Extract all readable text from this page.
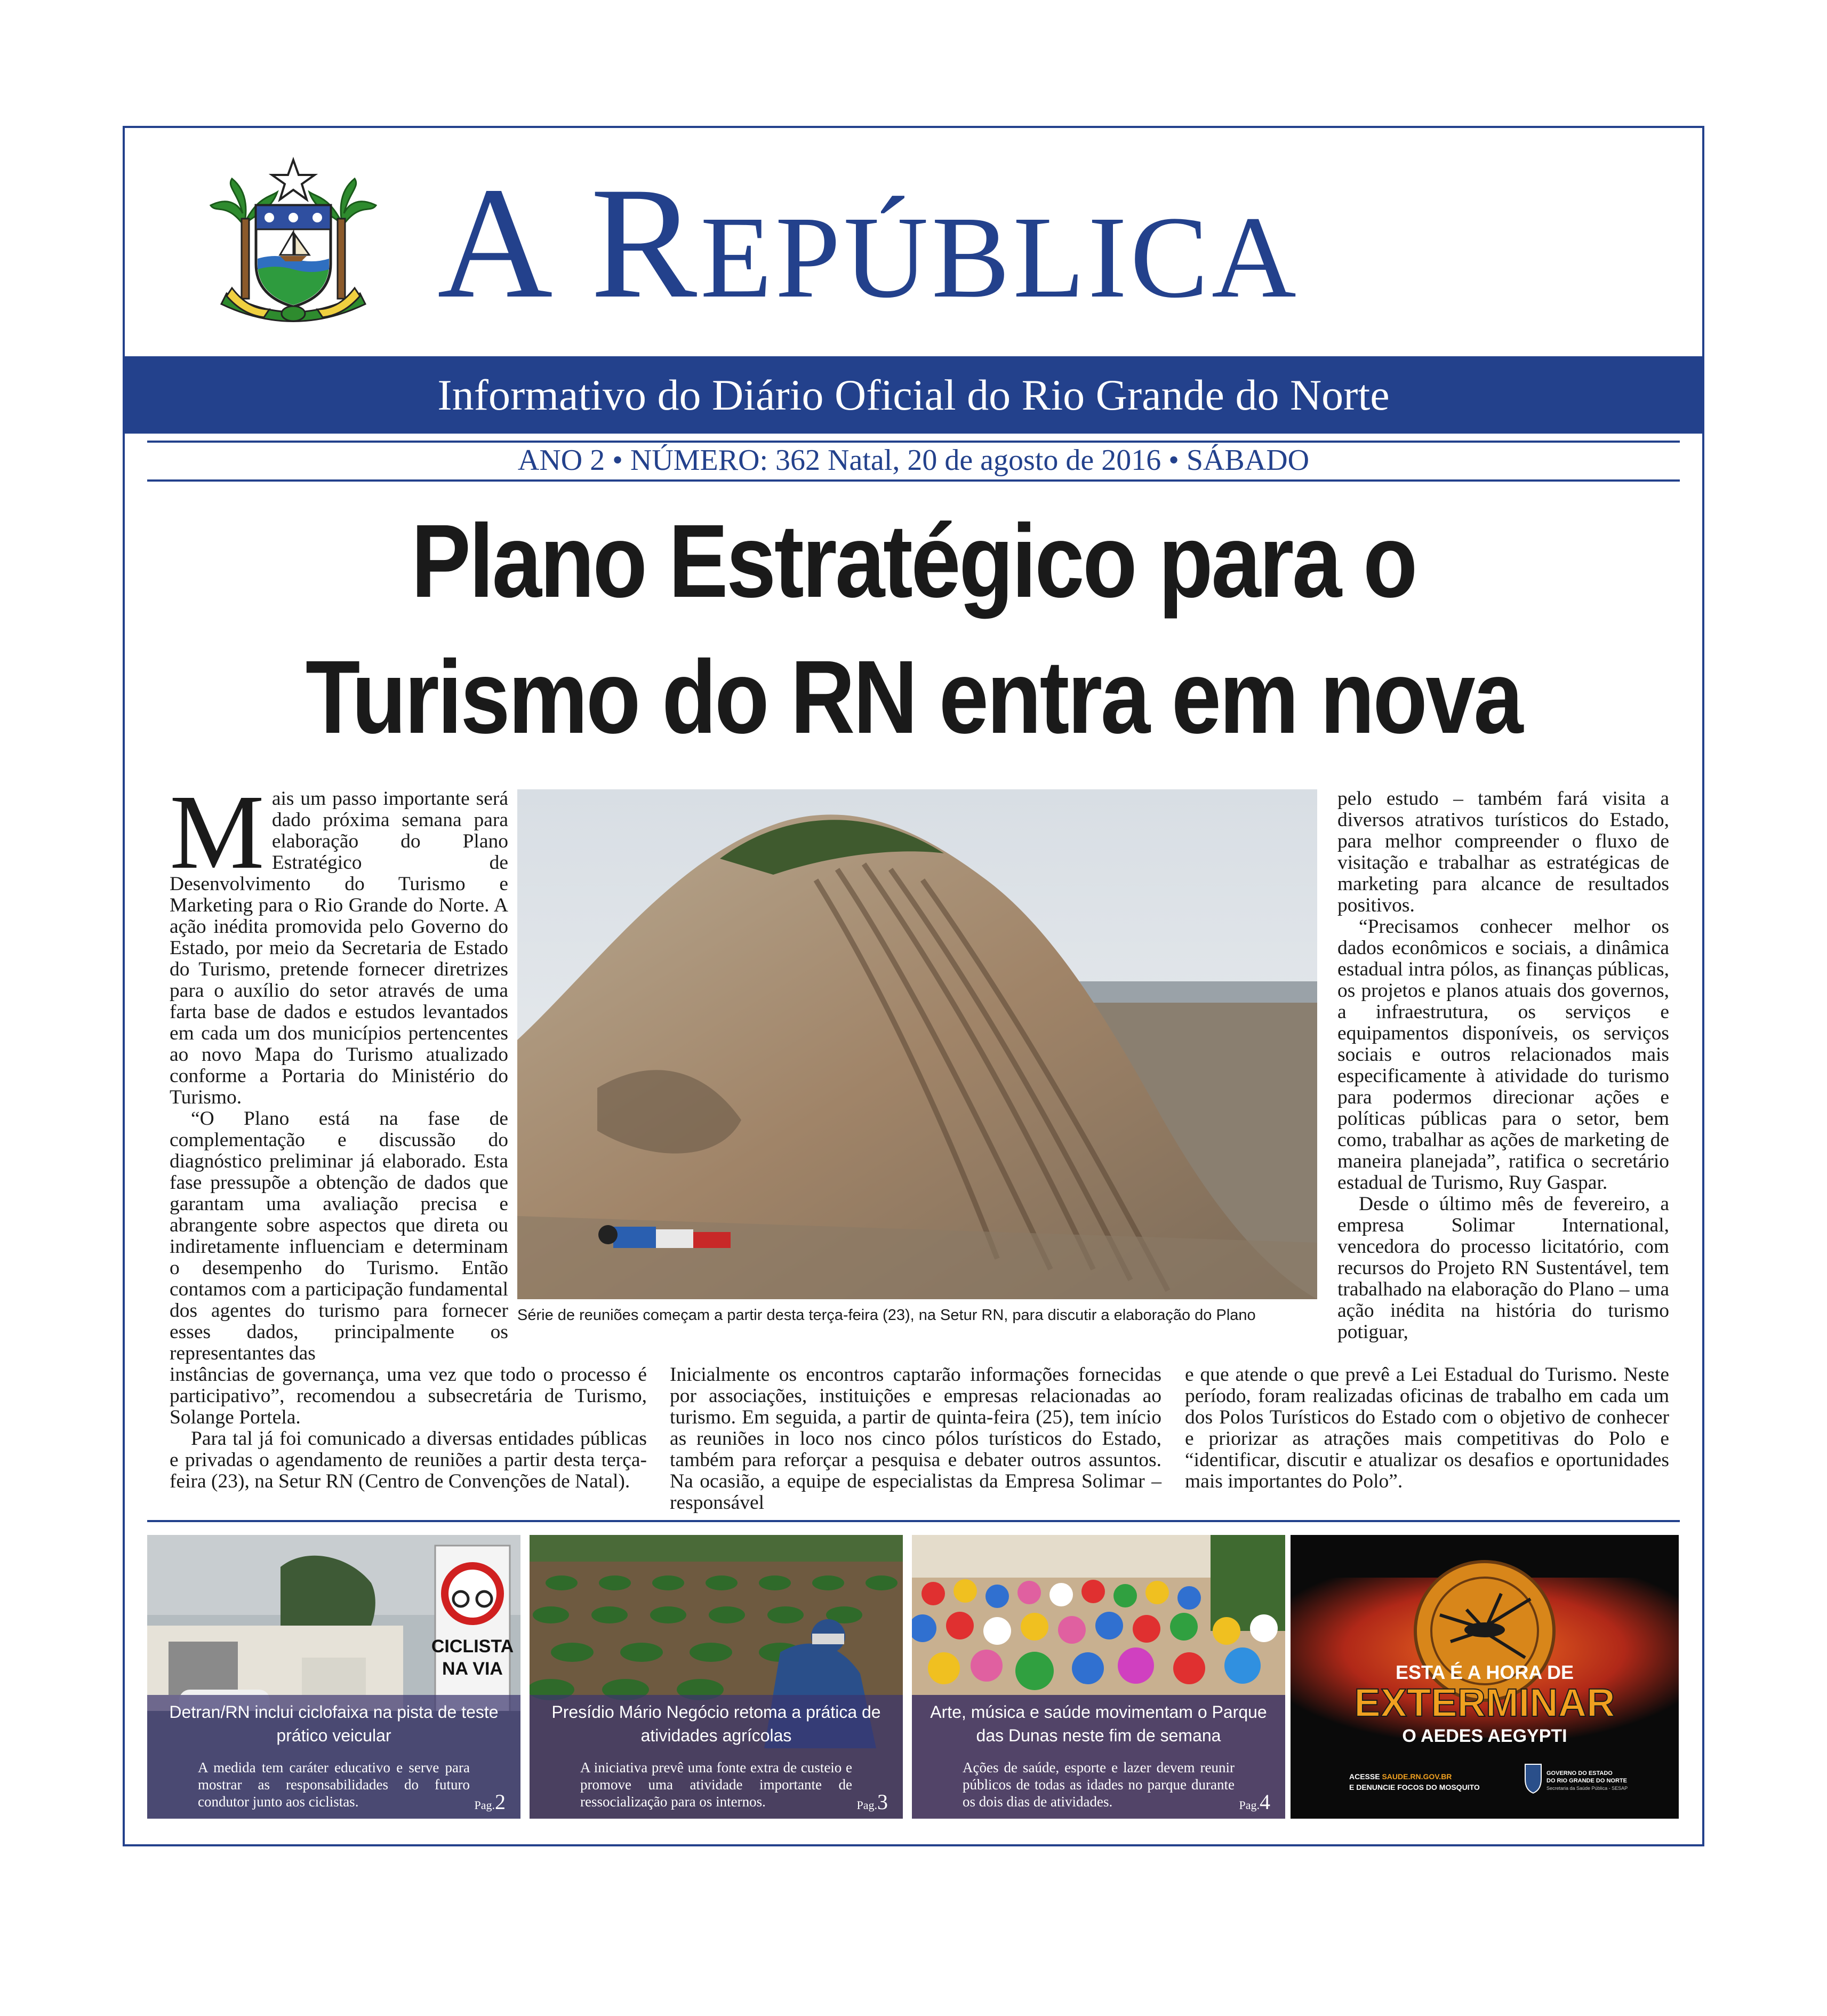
A REPÚBLICA
Informativo do Diário Oficial do Rio Grande do Norte
ANO 2 • NÚMERO: 362 Natal, 20 de agosto de 2016 • SÁBADO
Plano Estratégico para o
Turismo do RN entra em nova
M ais um passo importante será dado próxima semana para elaboração do Plano Estratégico de Desenvolvimento do Turismo e Marketing para o Rio Grande do Norte. A ação inédita promovida pelo Governo do Estado, por meio da Secretaria de Estado do Turismo, pretende fornecer diretrizes para o auxílio do setor através de uma farta base de dados e estudos levantados em cada um dos municípios pertencentes ao novo Mapa do Turismo atualizado conforme a Portaria do Ministério do Turismo.

“O Plano está na fase de complementação e discussão do diagnóstico preliminar já elaborado. Esta fase pressupõe a obtenção de dados que garantam uma avaliação precisa e abrangente sobre aspectos que direta ou indiretamente influenciam e determinam o desempenho do Turismo. Então contamos com a participação fundamental dos agentes do turismo para fornecer esses dados, principalmente os representantes das

instâncias de governança, uma vez que todo o processo é participativo”, recomendou a subsecretária de Turismo, Solange Portela.

Para tal já foi comunicado a diversas entidades públicas e privadas o agendamento de reuniões a partir desta terça-feira (23), na Setur RN (Centro de Convenções de Natal).

Inicialmente os encontros captarão informações fornecidas por associações, instituições e empresas relacionadas ao turismo. Em seguida, a partir de quinta-feira (25), tem início as reuniões in loco nos cinco pólos turísticos do Estado, também para reforçar a pesquisa e debater outros assuntos. Na ocasião, a equipe de especialistas da Empresa Solimar – responsável

pelo estudo – também fará visita a diversos atrativos turísticos do Estado, para melhor compreender o fluxo de visitação e trabalhar as estratégicas de marketing para alcance de resultados positivos.

“Precisamos conhecer melhor os dados econômicos e sociais, a dinâmica estadual intra pólos, as finanças públicas, os projetos e planos atuais dos governos, a infraestrutura, os serviços e equipamentos disponíveis, os serviços sociais e outros relacionados mais especificamente à atividade do turismo para podermos direcionar ações e políticas públicas para o setor, bem como, trabalhar as ações de marketing de maneira planejada”, ratifica o secretário estadual de Turismo, Ruy Gaspar.

Desde o último mês de fevereiro, a empresa Solimar International, vencedora do processo licitatório, com recursos do Projeto RN Sustentável, tem trabalhado na elaboração do Plano – uma ação inédita na história do turismo potiguar,

e que atende o que prevê a Lei Estadual do Turismo. Neste período, foram realizadas oficinas de trabalho em cada um dos Polos Turísticos do Estado com o objetivo de conhecer e priorizar as atrações mais competitivas do Polo e “identificar, discutir e atualizar os desafios e oportunidades mais importantes do Polo”.

Série de reuniões começam a partir desta terça-feira (23), na Setur RN, para discutir a elaboração do Plano
CICLISTA
NA VIA
Detran/RN inclui ciclofaixa na pista de teste prático veicular
A medida tem caráter educativo e serve para mostrar as responsabilidades do futuro condutor junto aos ciclistas.	Pag.2
Presídio Mário Negócio retoma a prática de atividades agrícolas
A iniciativa prevê uma fonte extra de custeio e promove uma atividade importante de ressocialização para os internos.	Pag.3
Arte, música e saúde movimentam o Parque das Dunas neste fim de semana
Ações de saúde, esporte e lazer devem reunir públicos de todas as idades no parque durante os dois dias de atividades.	Pag.4
ESTA É A HORA DE
EXTERMINAR
O AEDES AEGYPTI
ACESSE SAUDE.RN.GOV.BR
E DENUNCIE FOCOS DO MOSQUITO
GOVERNO DO ESTADO
DO RIO GRANDE DO NORTE
Secretaria da Saúde Pública - SESAP
